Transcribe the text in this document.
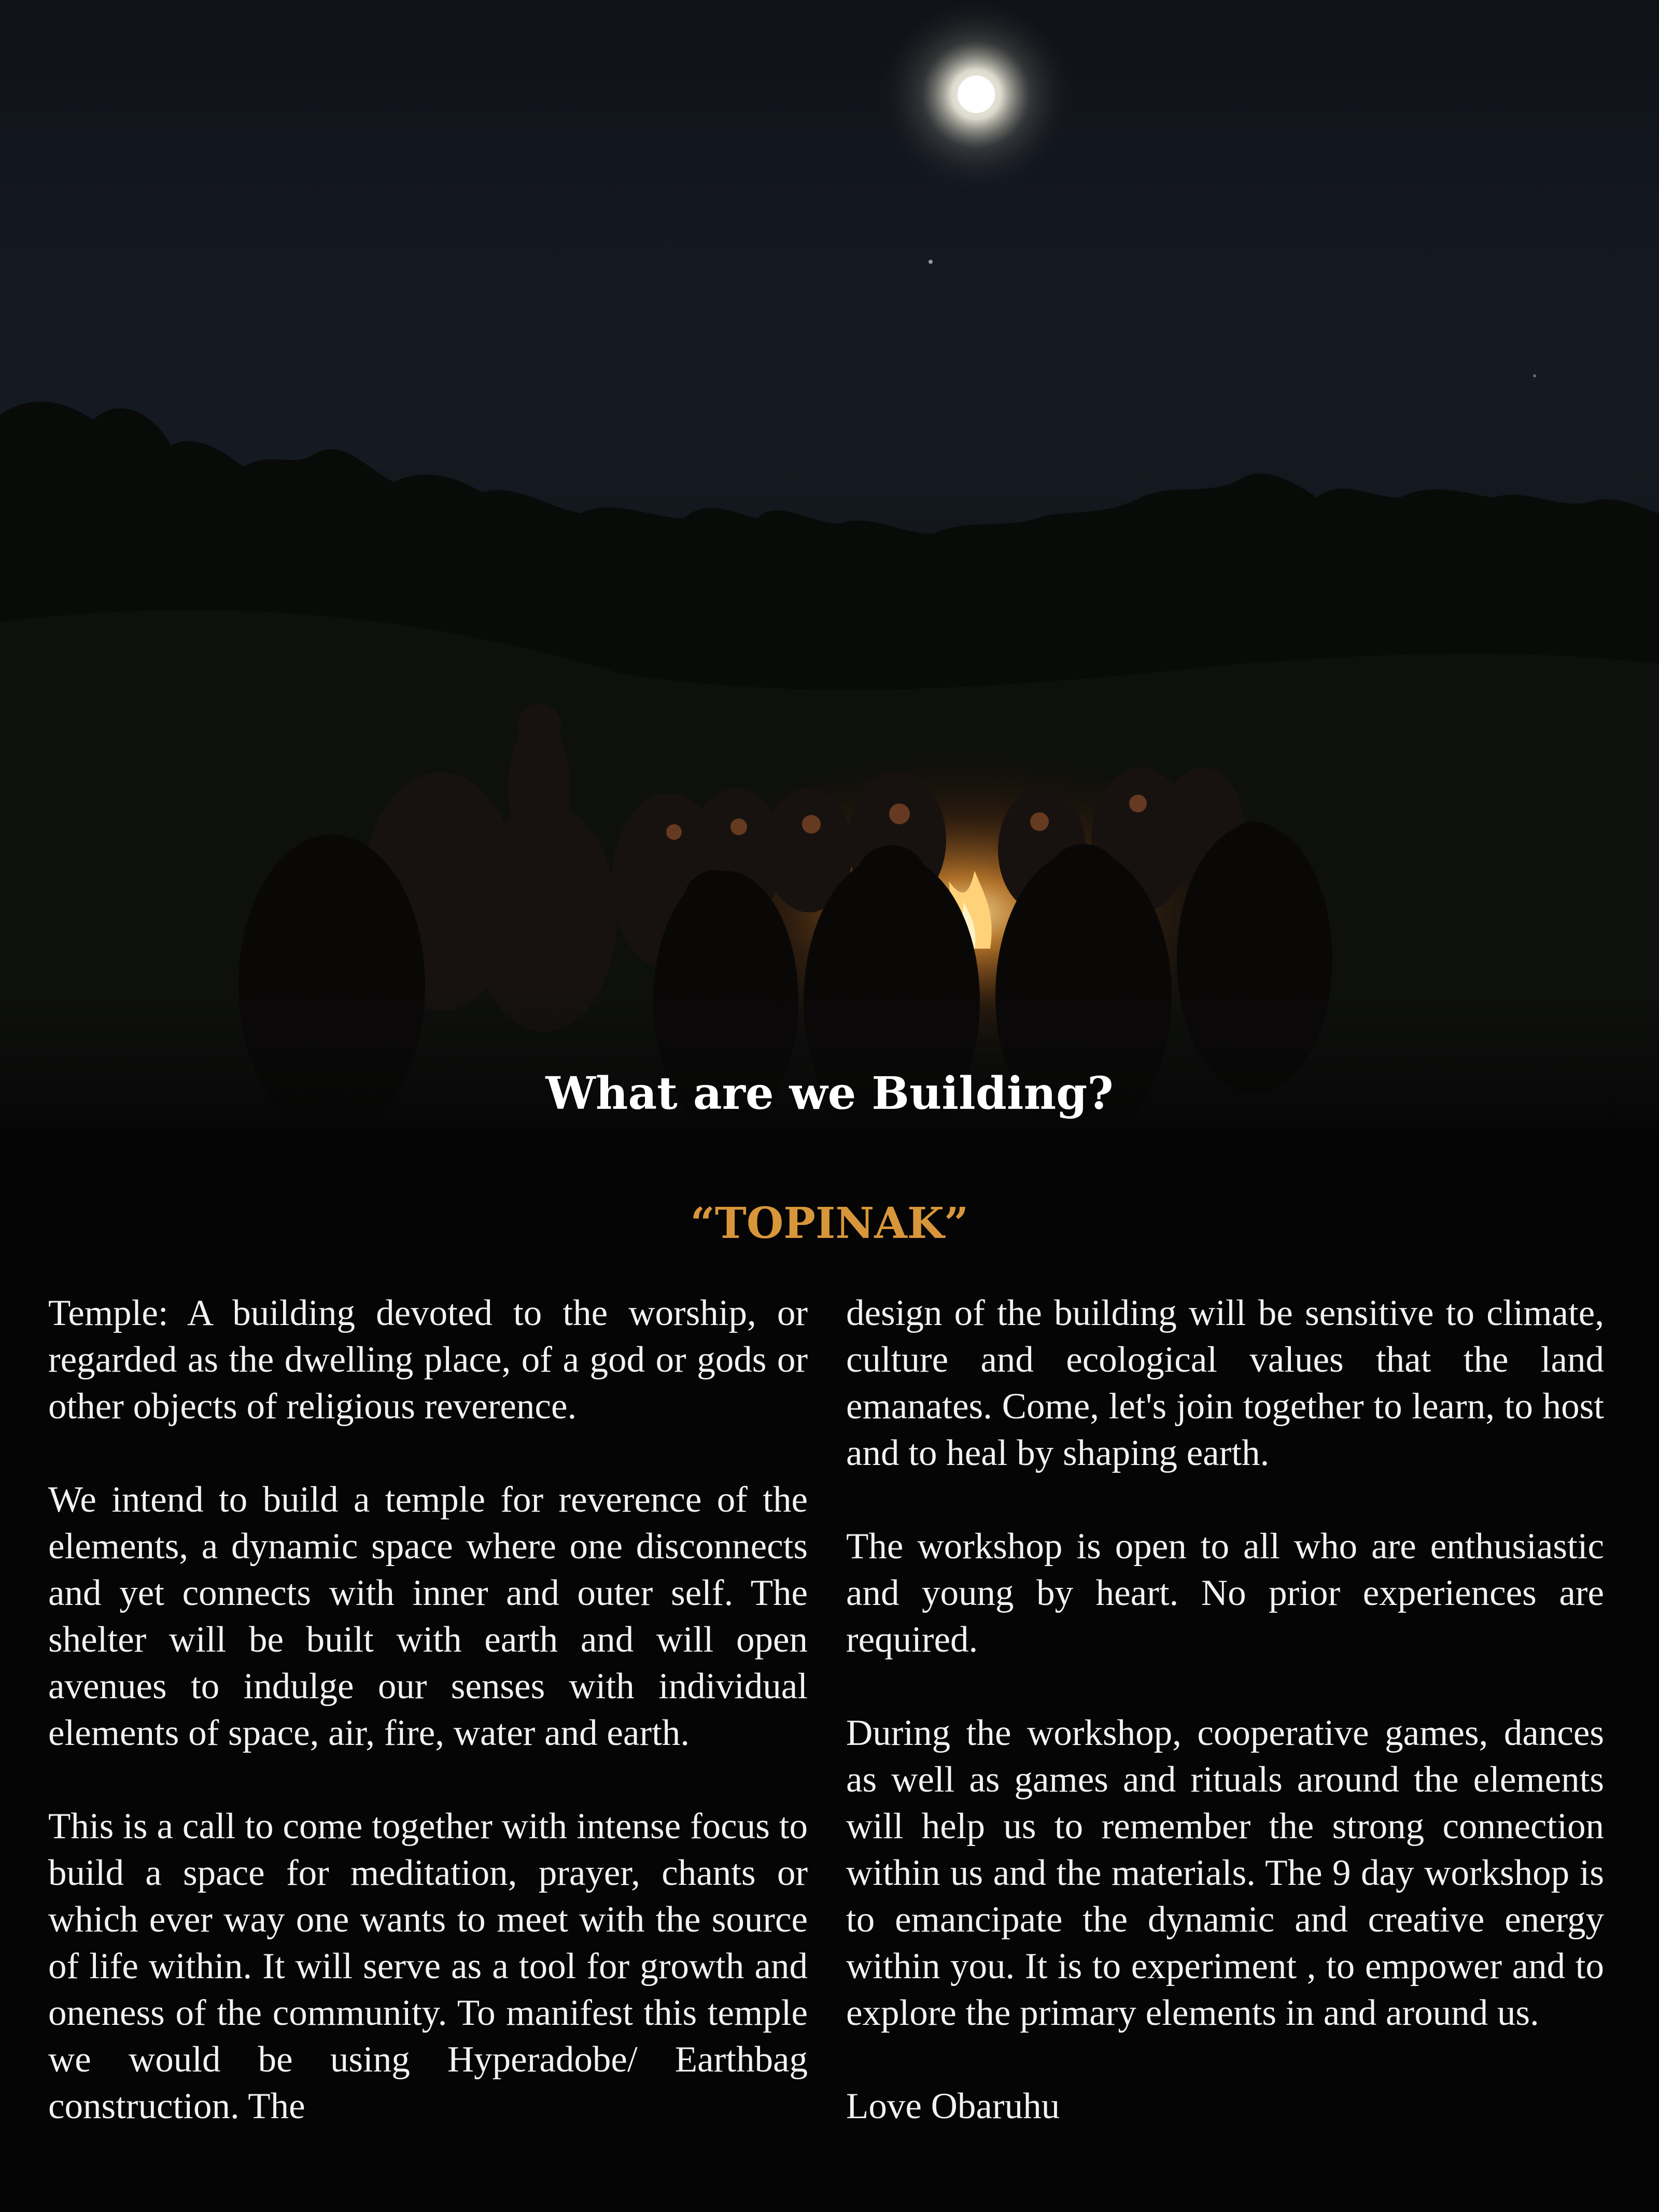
What are we Building?
“TOPINAK”

Temple: A building devoted to the worship, or regarded as the dwelling place, of a god or gods or other objects of religious reverence.

We intend to build a temple for reverence of the elements, a dynamic space where one disconnects and yet connects with inner and outer self. The shelter will be built with earth and will open avenues to indulge our senses with individual elements of space, air, fire, water and earth.

This is a call to come together with intense focus to build a space for meditation, prayer, chants or which ever way one wants to meet with the source of life within. It will serve as a tool for growth and oneness of the community. To manifest this temple we would be using Hyperadobe/ Earthbag construction. The

design of the building will be sensitive to climate, culture and ecological values that the land emanates. Come, let's join together to learn, to host and to heal by shaping earth.

The workshop is open to all who are enthusiastic and young by heart. No prior experiences are required.

During the workshop, cooperative games, dances as well as games and rituals around the elements will help us to remember the strong connection within us and the materials. The 9 day workshop is to emancipate the dynamic and creative energy within you. It is to experiment , to empower and to explore the primary elements in and around us.

Love Obaruhu
